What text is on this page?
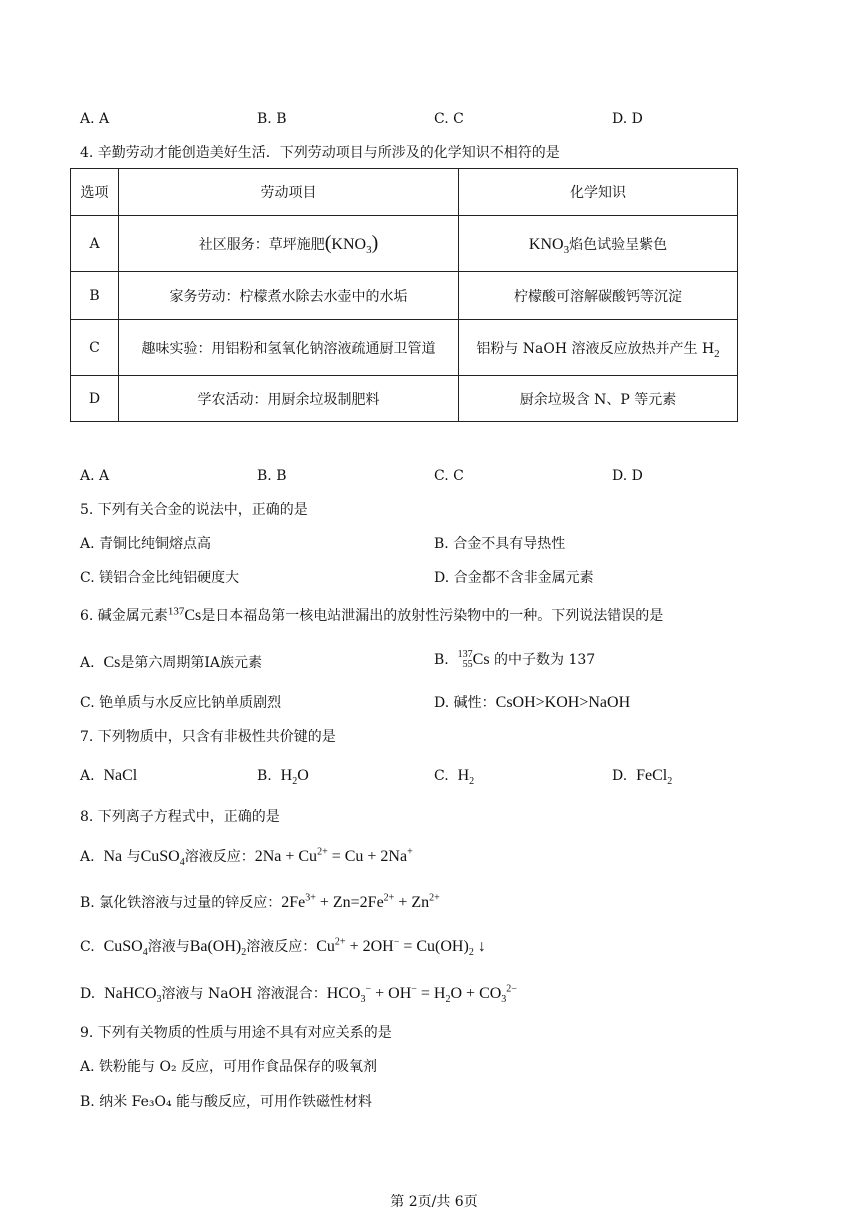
A. A	B. B	C. C	D. D
4. 辛勤劳动才能创造美好生活．下列劳动项目与所涉及的化学知识不相符的是
选项	劳动项目	化学知识
A	社区服务：草坪施肥$(KNO_3)$	$KNO_3$焰色试验呈紫色
B	家务劳动：柠檬煮水除去水壶中的水垢	柠檬酸可溶解碳酸钙等沉淀
C	趣味实验：用铝粉和氢氧化钠溶液疏通厨卫管道	铝粉与 NaOH 溶液反应放热并产生 $H_2$
D	学农活动：用厨余垃圾制肥料	厨余垃圾含 N、P 等元素
A. A	B. B	C. C	D. D
5. 下列有关合金的说法中，正确的是
A. 青铜比纯铜熔点高	B. 合金不具有导热性
C. 镁铝合金比纯铝硬度大	D. 合金都不含非金属元素
6. 碱金属元素$^{137}$Cs是日本福岛第一核电站泄漏出的放射性污染物中的一种。下列说法错误的是
A.  Cs是第六周期第ⅠA族元素	B.  137
55Cs 的中子数为 137
C. 铯单质与水反应比钠单质剧烈	D. 碱性：CsOH>KOH>NaOH
7. 下列物质中，只含有非极性共价键的是
A.  NaCl	B.  $H_2O$	C.  $H_2$	D.  FeCl$_2$
8. 下列离子方程式中，正确的是
A.  Na 与CuSO$_4$溶液反应：$2Na + Cu^{2+} = Cu + 2Na^+$
B. 氯化铁溶液与过量的锌反应：$2Fe^{3+} + Zn=2Fe^{2+} + Zn^{2+}$
C.  CuSO$_4$溶液与$Ba(OH)_2$溶液反应：$Cu^{2+} + 2OH^- = Cu(OH)_2$ ↓
D.  NaHCO$_3$溶液与 NaOH 溶液混合：$HCO_3^- + OH^- = H_2O + CO_3^{2-}$
9. 下列有关物质的性质与用途不具有对应关系的是
A. 铁粉能与 O₂ 反应，可用作食品保存的吸氧剂
B. 纳米 Fe₃O₄ 能与酸反应，可用作铁磁性材料
第 2页/共 6页
